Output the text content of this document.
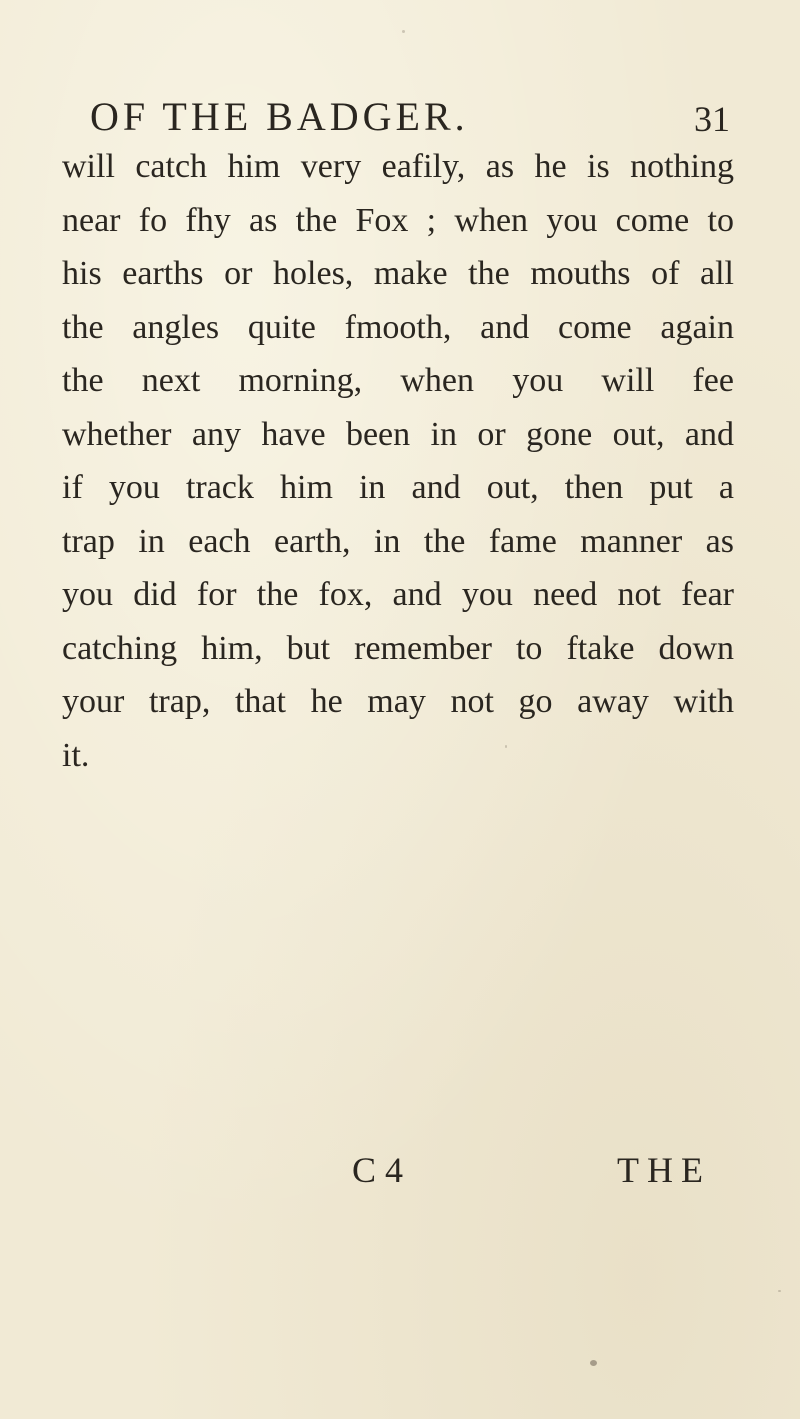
OF THE BADGER.	31
will catch him very eafily, as he is nothing
near fo fhy as the Fox ; when you come to
his earths or holes, make the mouths of all
the angles quite fmooth, and come again
the next morning, when you will fee
whether any have been in or gone out, and
if you track him in and out, then put a
trap in each earth, in the fame manner as
you did for the fox, and you need not fear
catching him, but remember to ftake down
your trap, that he may not go away with
it.
C 4	THE
